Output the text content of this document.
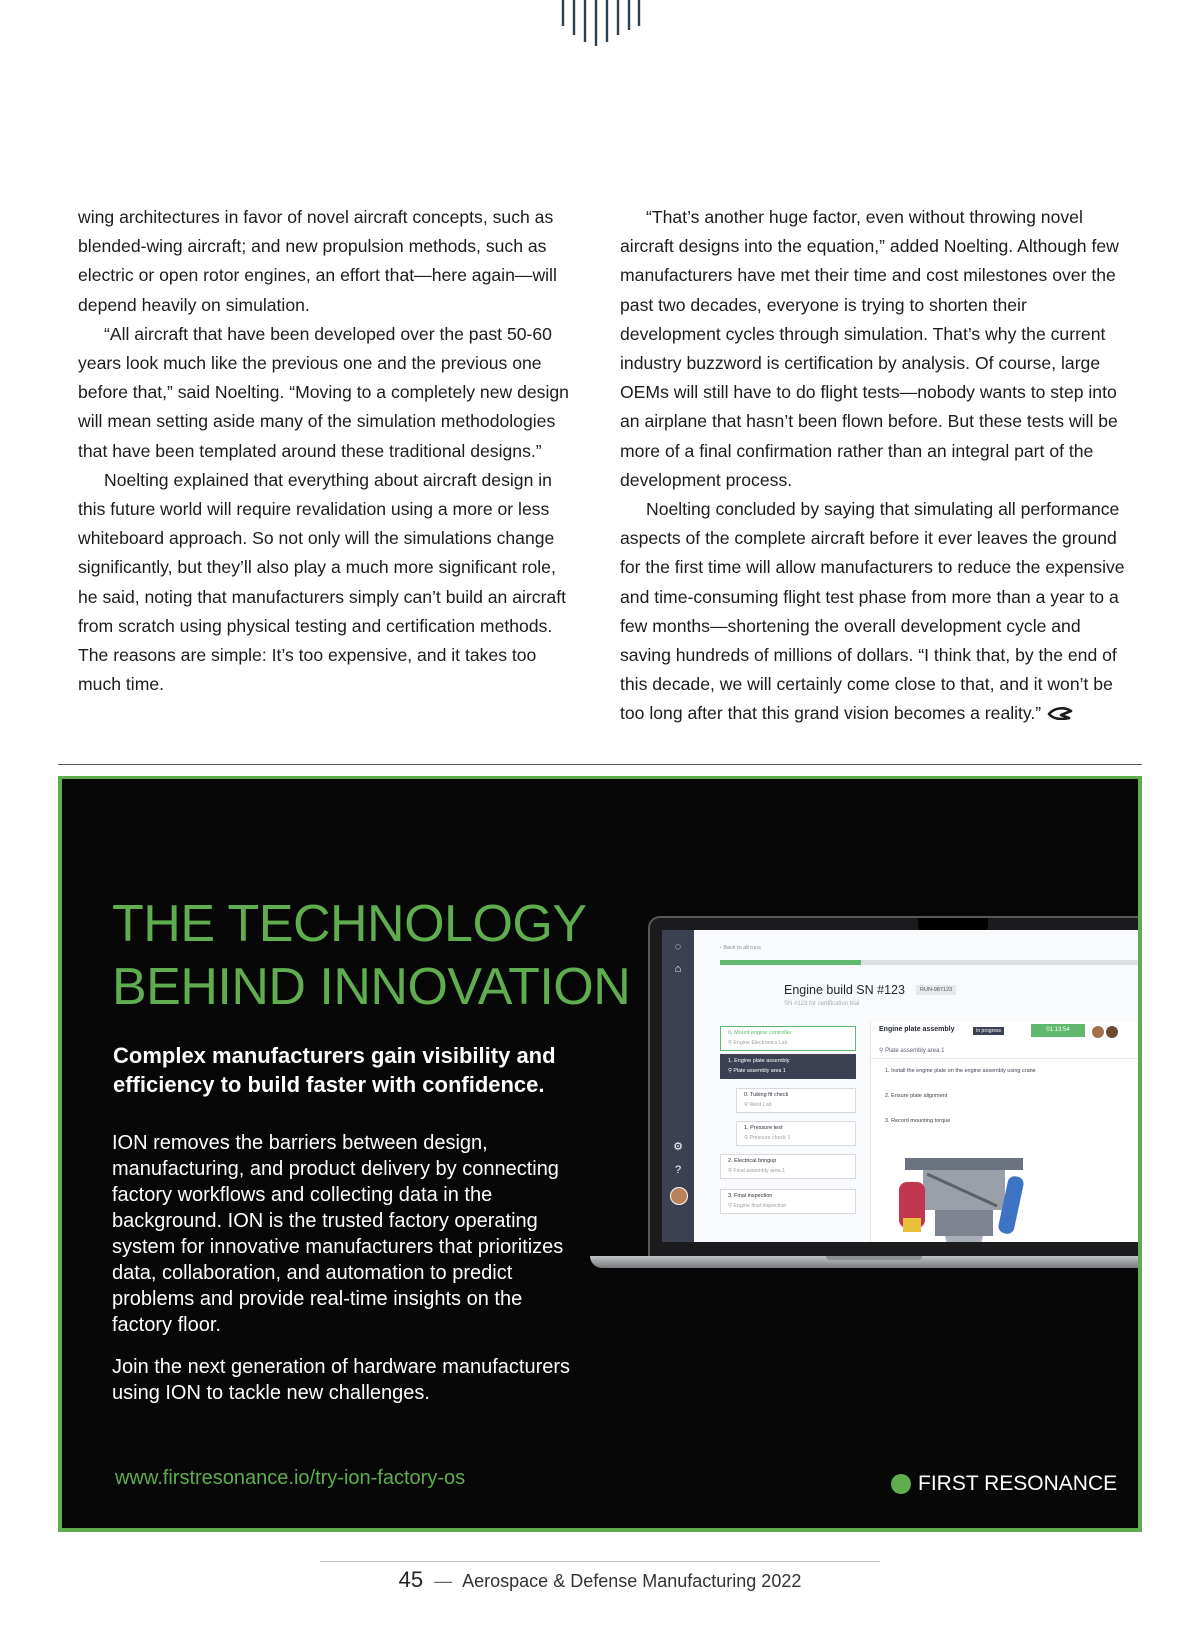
wing architectures in favor of novel aircraft concepts, such as blended-wing aircraft; and new propulsion methods, such as electric or open rotor engines, an effort that—here again—will depend heavily on simulation.

“All aircraft that have been developed over the past 50-60 years look much like the previous one and the previous one before that,” said Noelting. “Moving to a completely new design will mean setting aside many of the simulation methodologies that have been templated around these traditional designs.”

Noelting explained that everything about aircraft design in this future world will require revalidation using a more or less whiteboard approach. So not only will the simulations change significantly, but they’ll also play a much more significant role, he said, noting that manufacturers simply can’t build an aircraft from scratch using physical testing and certification methods. The reasons are simple: It’s too expensive, and it takes too much time.

“That’s another huge factor, even without throwing novel aircraft designs into the equation,” added Noelting. Although few manufacturers have met their time and cost milestones over the past two decades, everyone is trying to shorten their development cycles through simulation. That’s why the current industry buzzword is certification by analysis. Of course, large OEMs will still have to do flight tests—nobody wants to step into an airplane that hasn’t been flown before. But these tests will be more of a final confirmation rather than an integral part of the development process.

Noelting concluded by saying that simulating all performance aspects of the complete aircraft before it ever leaves the ground for the first time will allow manufacturers to reduce the expensive and time-consuming flight test phase from more than a year to a few months—shortening the overall development cycle and saving hundreds of millions of dollars. “I think that, by the end of this decade, we will certainly come close to that, and it won’t be too long after that this grand vision becomes a reality.”

THE TECHNOLOGY
BEHIND INNOVATION
Complex manufacturers gain visibility and efficiency to build faster with confidence.

ION removes the barriers between design, manufacturing, and product delivery by connecting factory workflows and collecting data in the background. ION is the trusted factory operating system for innovative manufacturers that prioritizes data, collaboration, and automation to predict problems and provide real-time insights on the factory floor.

Join the next generation of hardware manufacturers using ION to tackle new challenges.

www.firstresonance.io/try-ion-factory-os	FIRST RESONANCE
◌
⌂
⚙
?
‹ Back to all runs
Engine build SN #123	RUN-987123
SN #123 for certification trial
0. Mount engine controller
⚲ Engine Electronics Lab
1. Engine plate assembly
⚲ Plate assembly area 1
0. Tubing fit check
⚲ Weld Lab
1. Pressure test
⚲ Pressure check 1
2. Electrical bringup
⚲ Final assembly area 1
3. Final inspection
⚲ Engine final inspection
Engine plate assembly	In progress	01:13:54
⚲ Plate assembly area 1
1. Install the engine plate on the engine assembly using crane
2. Ensure plate alignment
3. Record mounting torque
45 — Aerospace & Defense Manufacturing 2022
